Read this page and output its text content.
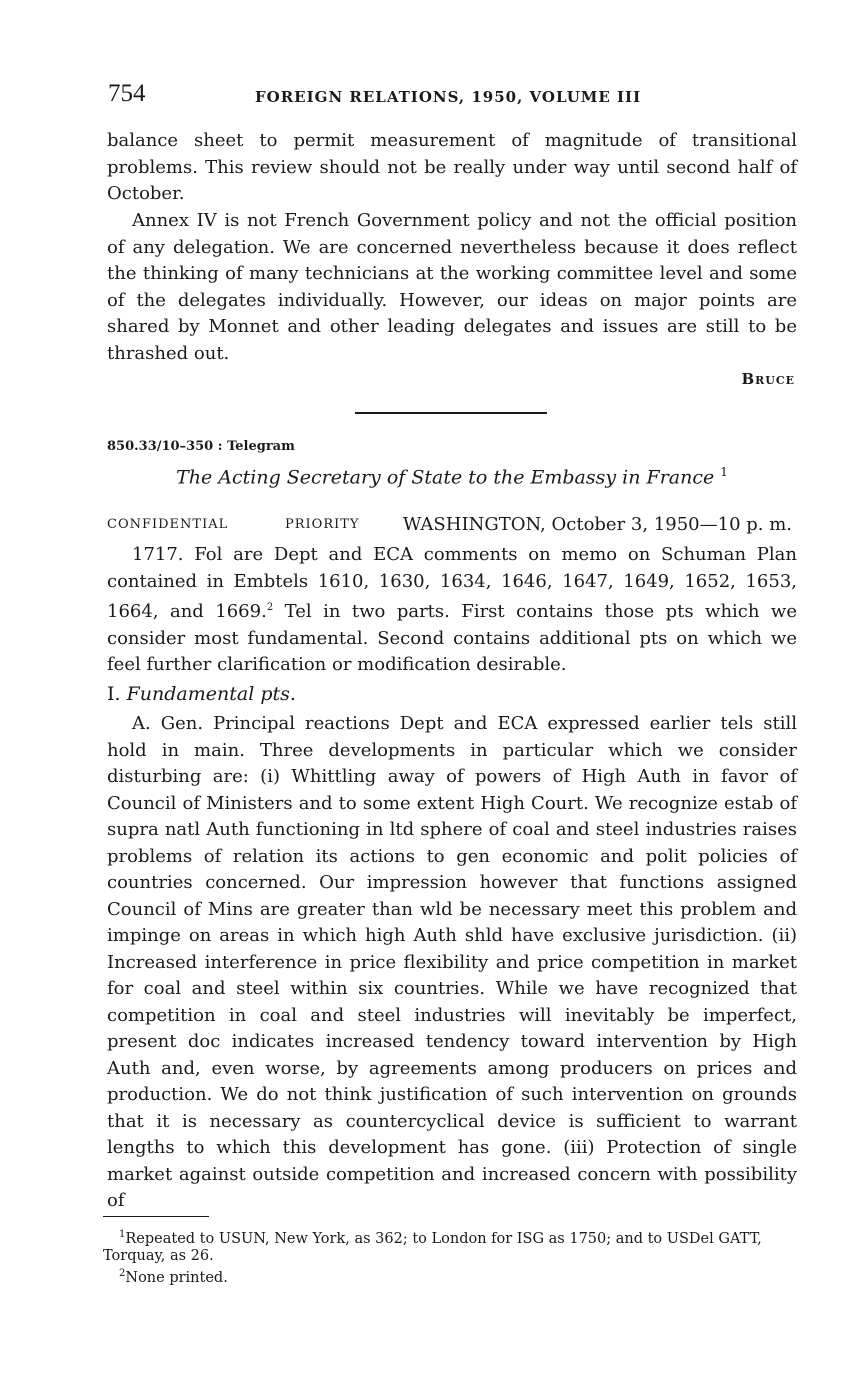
754	FOREIGN RELATIONS, 1950, VOLUME III

balance sheet to permit measurement of magnitude of transitional problems. This review should not be really under way until second half of October.

Annex IV is not French Government policy and not the official position of any delegation. We are concerned nevertheless because it does reflect the thinking of many technicians at the working committee level and some of the delegates individually. However, our ideas on major points are shared by Monnet and other leading delegates and issues are still to be thrashed out.

Bruce
850.33/10–350 : Telegram
The Acting Secretary of State to the Embassy in France $^1$
CONFIDENTIAL	PRIORITY WASHINGTON, October 3, 1950—10 p. m.

1717. Fol are Dept and ECA comments on memo on Schuman Plan contained in Embtels 1610, 1630, 1634, 1646, 1647, 1649, 1652, 1653, 1664, and 1669.$^2$ Tel in two parts. First contains those pts which we consider most fundamental. Second contains additional pts on which we feel further clarification or modification desirable.

I. Fundamental pts.

A. Gen. Principal reactions Dept and ECA expressed earlier tels still hold in main. Three developments in particular which we consider disturbing are: (i) Whittling away of powers of High Auth in favor of Council of Ministers and to some extent High Court. We recognize estab of supra natl Auth functioning in ltd sphere of coal and steel industries raises problems of relation its actions to gen economic and polit policies of countries concerned. Our impression however that functions assigned Council of Mins are greater than wld be necessary meet this problem and impinge on areas in which high Auth shld have exclusive jurisdiction. (ii) Increased interference in price flexibility and price competition in market for coal and steel within six countries. While we have recognized that competition in coal and steel industries will inevitably be imperfect, present doc indicates increased tendency toward intervention by High Auth and, even worse, by agreements among producers on prices and production. We do not think justification of such intervention on grounds that it is necessary as countercyclical device is sufficient to warrant lengths to which this development has gone. (iii) Protection of single market against outside competition and increased concern with possibility of

$^1$Repeated to USUN, New York, as 362; to London for ISG as 1750; and to USDel GATT, Torquay, as 26.

$^2$None printed.
